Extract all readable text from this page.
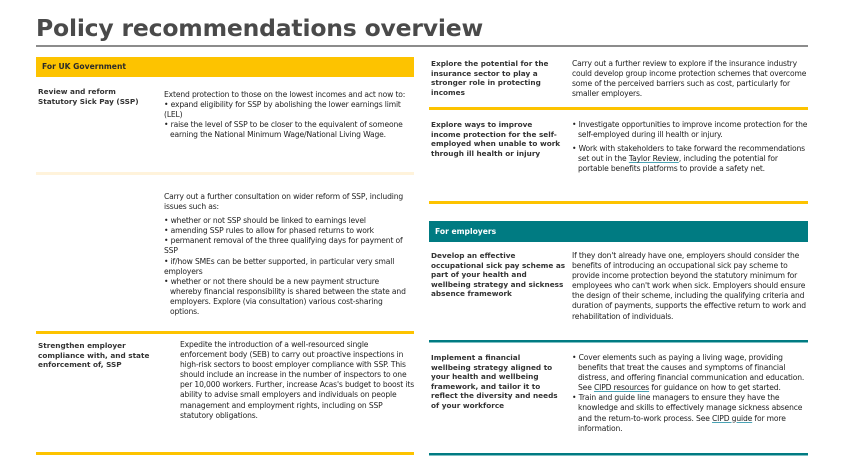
Policy recommendations overview
For UK Government
Review and reform Statutory Sick Pay (SSP)

Extend protection to those on the lowest incomes and act now to:

• expand eligibility for SSP by abolishing the lower earnings limit (LEL)
• raise the level of SSP to be closer to the equivalent of someone earning the National Minimum Wage/National Living Wage.

Carry out a further consultation on wider reform of SSP, including issues such as:

• whether or not SSP should be linked to earnings level
• amending SSP rules to allow for phased returns to work
• permanent removal of the three qualifying days for payment of SSP
• if/how SMEs can be better supported, in particular very small employers
• whether or not there should be a new payment structure whereby financial responsibility is shared between the state and employers. Explore (via consultation) various cost-sharing options.
Strengthen employer compliance with, and state enforcement of, SSP
Expedite the introduction of a well-resourced single enforcement body (SEB) to carry out proactive inspections in high-risk sectors to boost employer compliance with SSP. This should include an increase in the number of inspectors to one per 10,000 workers. Further, increase Acas's budget to boost its ability to advise small employers and individuals on people management and employment rights, including on SSP statutory obligations.
Explore the potential for the insurance sector to play a stronger role in protecting incomes
Carry out a further review to explore if the insurance industry could develop group income protection schemes that overcome some of the perceived barriers such as cost, particularly for smaller employers.
Explore ways to improve income protection for the self-employed when unable to work through ill health or injury
• Investigate opportunities to improve income protection for the self-employed during ill health or injury.
• Work with stakeholders to take forward the recommendations set out in the Taylor Review, including the potential for portable benefits platforms to provide a safety net.
For employers
Develop an effective occupational sick pay scheme as part of your health and wellbeing strategy and sickness absence framework
If they don't already have one, employers should consider the benefits of introducing an occupational sick pay scheme to provide income protection beyond the statutory minimum for employees who can't work when sick. Employers should ensure the design of their scheme, including the qualifying criteria and duration of payments, supports the effective return to work and rehabilitation of individuals.
Implement a financial wellbeing strategy aligned to your health and wellbeing framework, and tailor it to reflect the diversity and needs of your workforce
• Cover elements such as paying a living wage, providing benefits that treat the causes and symptoms of financial distress, and offering financial communication and education. See CIPD resources for guidance on how to get started.
• Train and guide line managers to ensure they have the knowledge and skills to effectively manage sickness absence and the return-to-work process. See CIPD guide for more information.
